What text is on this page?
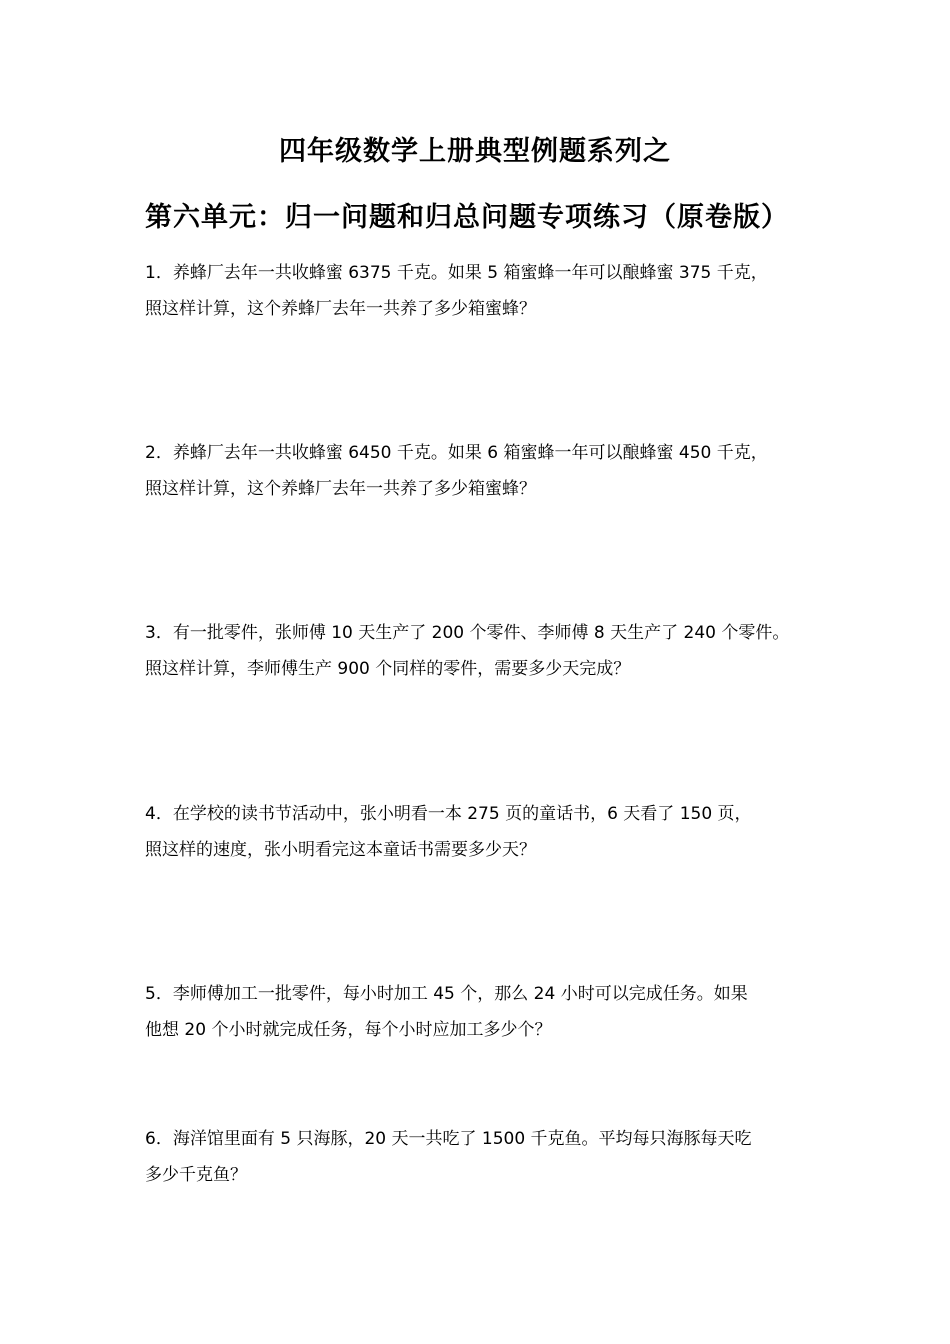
四年级数学上册典型例题系列之
第六单元：归一问题和归总问题专项练习（原卷版）
1．养蜂厂去年一共收蜂蜜 6375 千克。如果 5 箱蜜蜂一年可以酿蜂蜜 375 千克，
照这样计算，这个养蜂厂去年一共养了多少箱蜜蜂？
2．养蜂厂去年一共收蜂蜜 6450 千克。如果 6 箱蜜蜂一年可以酿蜂蜜 450 千克，
照这样计算，这个养蜂厂去年一共养了多少箱蜜蜂？
3．有一批零件，张师傅 10 天生产了 200 个零件、李师傅 8 天生产了 240 个零件。
照这样计算，李师傅生产 900 个同样的零件，需要多少天完成？
4．在学校的读书节活动中，张小明看一本 275 页的童话书，6 天看了 150 页，
照这样的速度，张小明看完这本童话书需要多少天？
5．李师傅加工一批零件，每小时加工 45 个，那么 24 小时可以完成任务。如果
他想 20 个小时就完成任务，每个小时应加工多少个？
6．海洋馆里面有 5 只海豚，20 天一共吃了 1500 千克鱼。平均每只海豚每天吃
多少千克鱼？
